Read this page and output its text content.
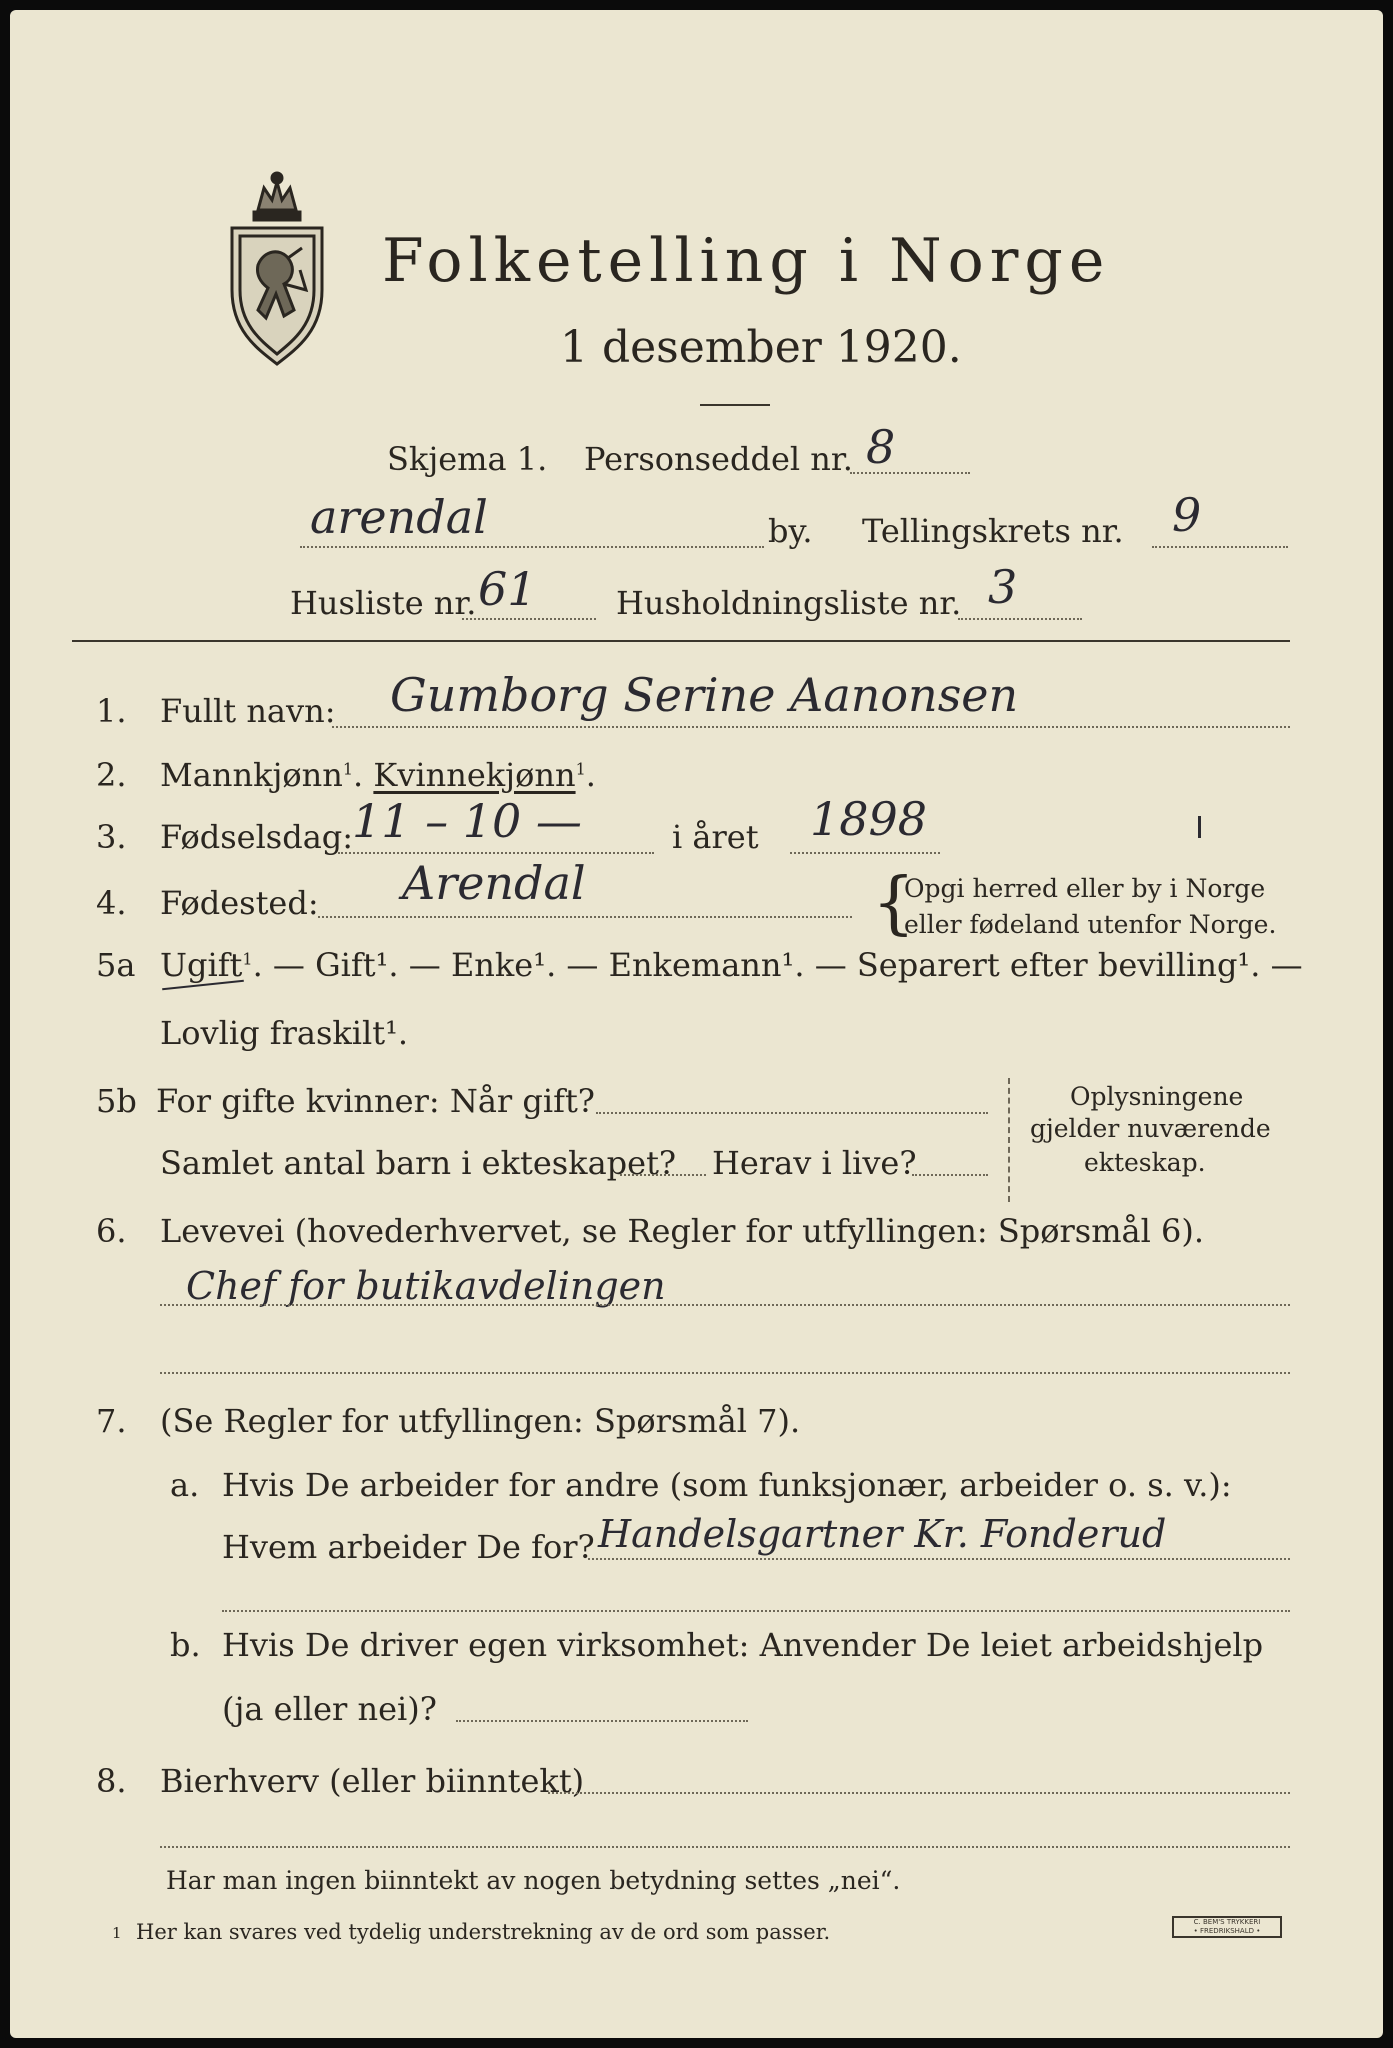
Folketelling i Norge
1 desember 1920.
Skjema 1. Personseddel nr. 8
arendal	by. Tellingskrets nr. 9
Husliste nr. 61 Husholdningsliste nr. 3
1. Fullt navn: Gumborg Serine Aanonsen
2. Mannkjønn$^1$. Kvinnekjønn$^1$.
3. Fødselsdag:
11 – 10 —	i året 1898
4. Fødested: Arendal	{
Opgi herred eller by i Norge
eller fødeland utenfor Norge.
5a Ugift$^1$. — Gift¹. — Enke¹. — Enkemann¹. — Separert efter bevilling¹. —
Lovlig fraskilt¹.
5b For gifte kvinner: Når gift?
Samlet antal barn i ekteskapet? Herav i live?
Oplysningene
gjelder nuværende
ekteskap.
6. Levevei (hovederhvervet, se Regler for utfyllingen: Spørsmål 6).
Chef for butikavdelingen
7. (Se Regler for utfyllingen: Spørsmål 7).
a. Hvis De arbeider for andre (som funksjonær, arbeider o. s. v.):
Hvem arbeider De for? Handelsgartner Kr. Fonderud
b. Hvis De driver egen virksomhet: Anvender De leiet arbeidshjelp
(ja eller nei)?
8. Bierhverv (eller biinntekt)
Har man ingen biinntekt av nogen betydning settes „nei“.
1 Her kan svares ved tydelig understrekning av de ord som passer.	C. BEM'S TRYKKERI
• FREDRIKSHALD •
